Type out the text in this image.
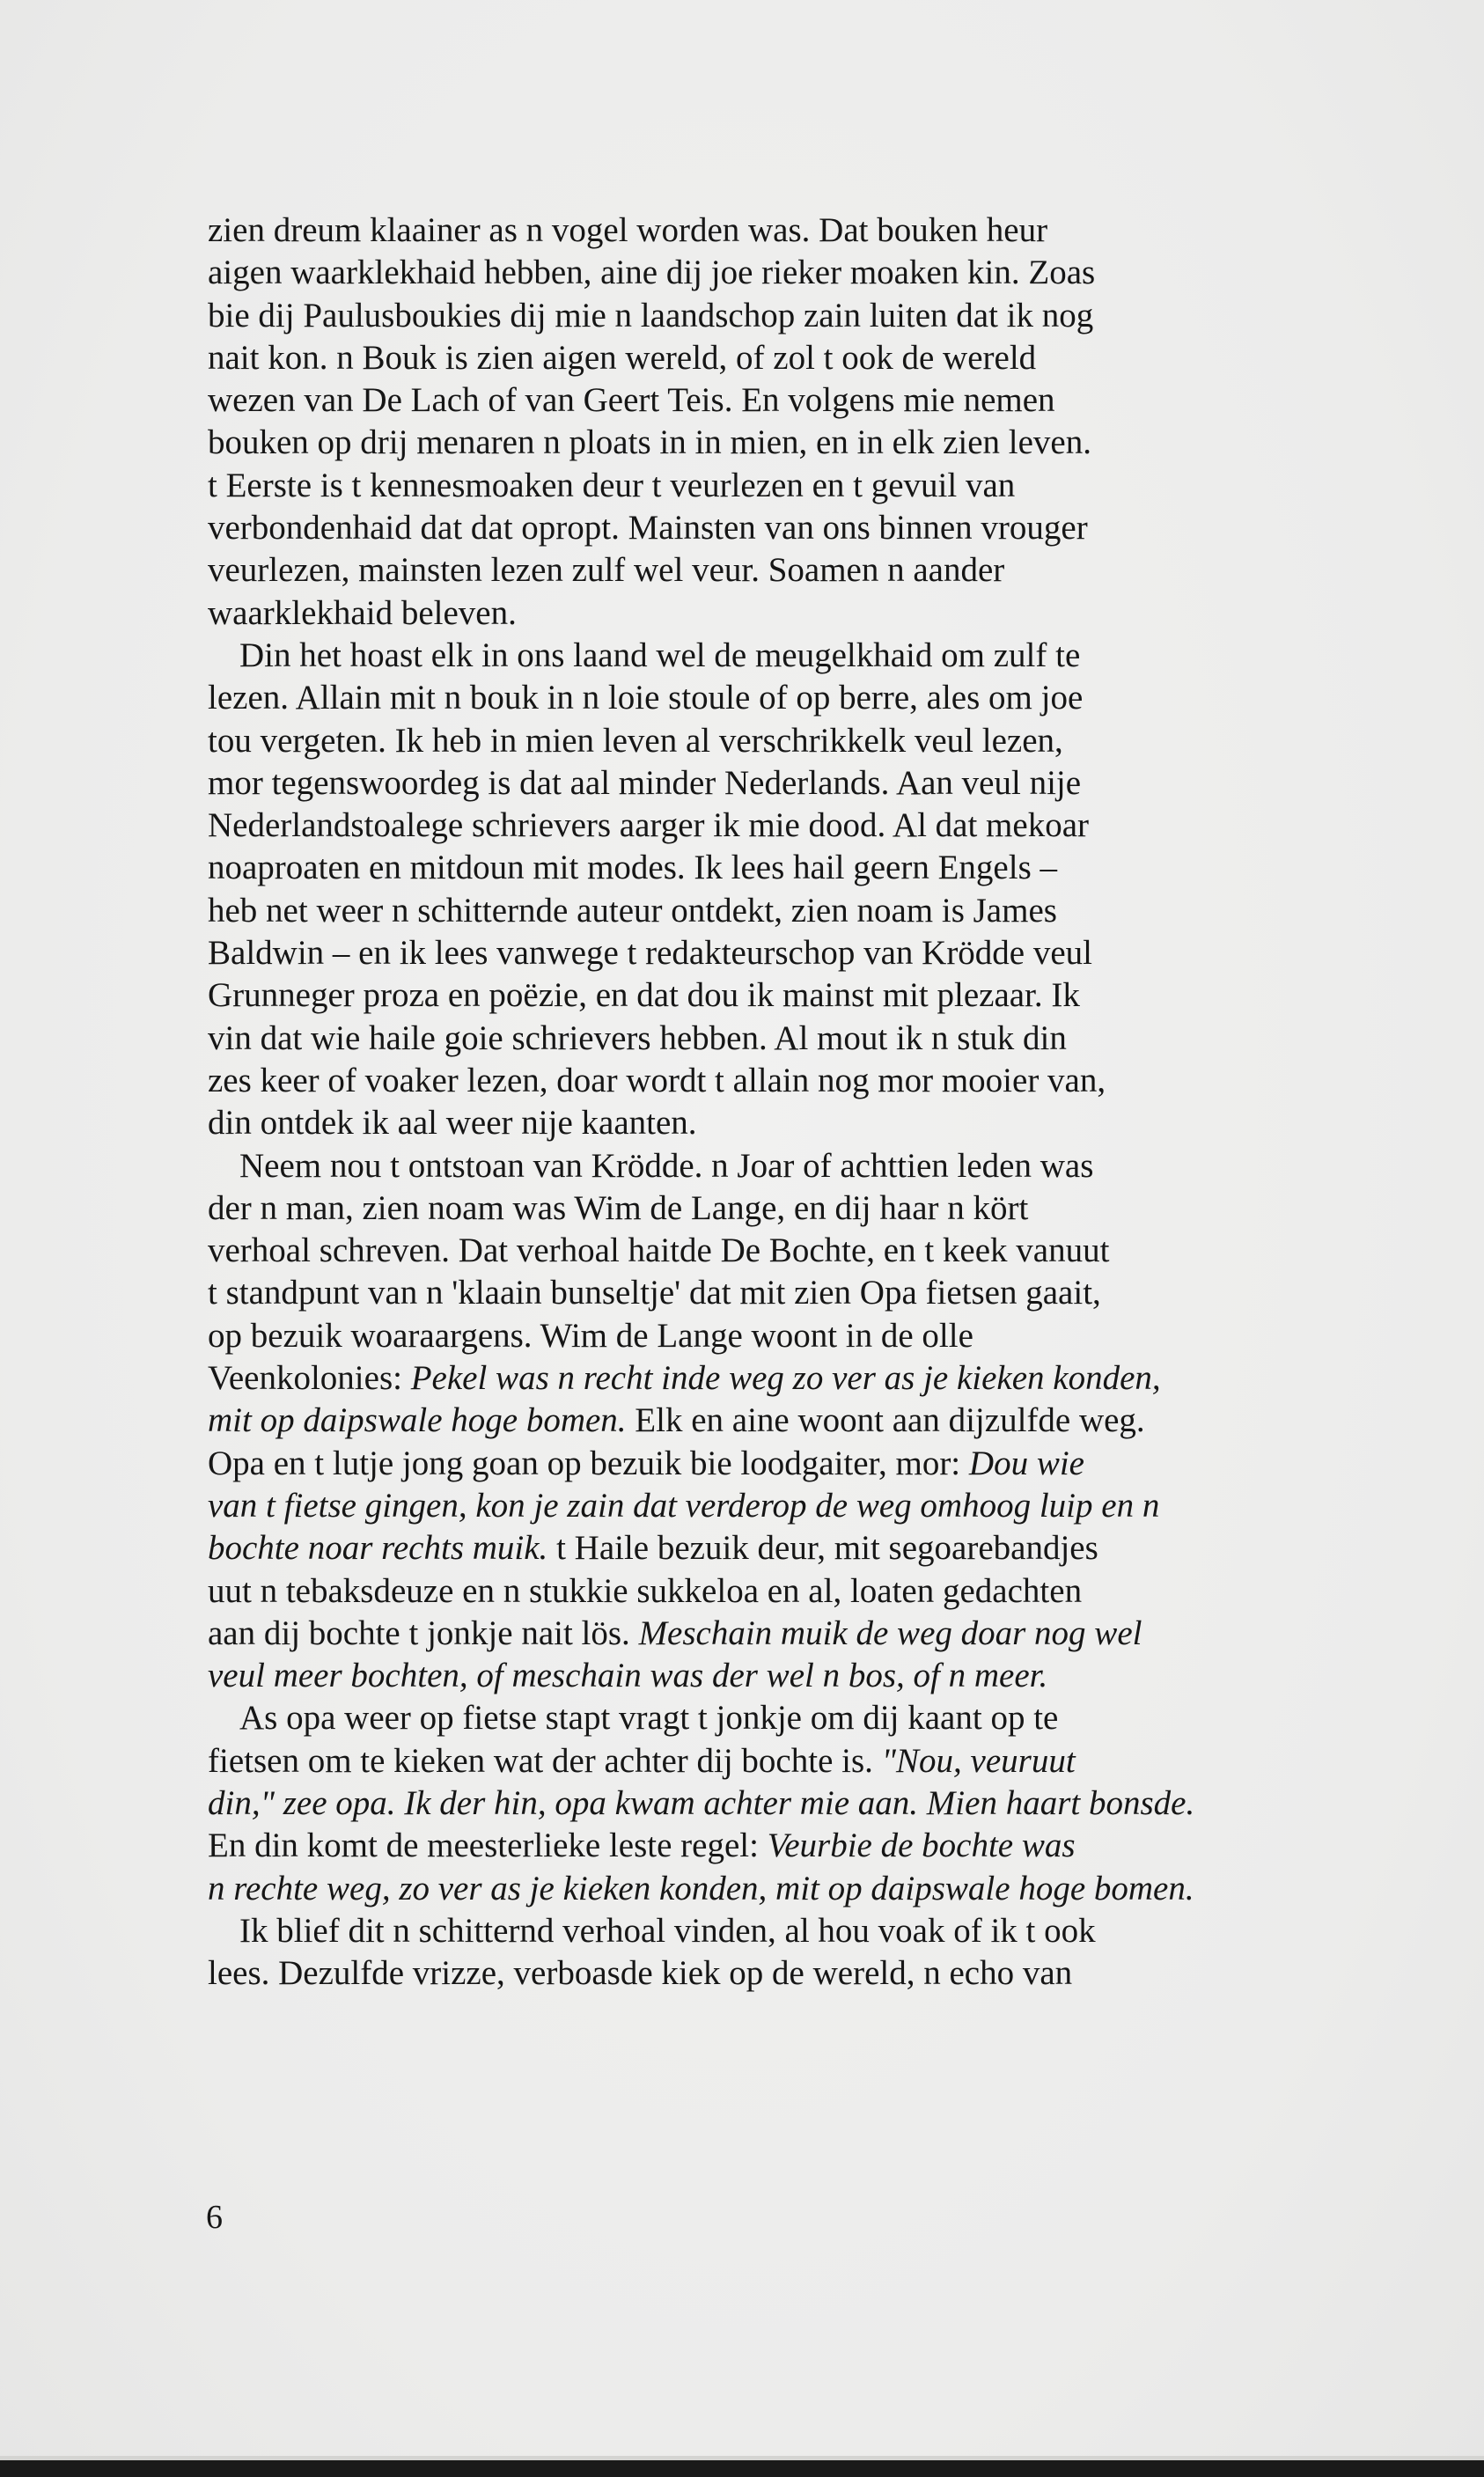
zien dreum klaainer as n vogel worden was. Dat bouken heur
aigen waarklekhaid hebben, aine dij joe rieker moaken kin. Zoas
bie dij Paulusboukies dij mie n laandschop zain luiten dat ik nog
nait kon. n Bouk is zien aigen wereld, of zol t ook de wereld
wezen van De Lach of van Geert Teis. En volgens mie nemen
bouken op drij menaren n ploats in in mien, en in elk zien leven.
t Eerste is t kennesmoaken deur t veurlezen en t gevuil van
verbondenhaid dat dat opropt. Mainsten van ons binnen vrouger
veurlezen, mainsten lezen zulf wel veur. Soamen n aander
waarklekhaid beleven.
Din het hoast elk in ons laand wel de meugelkhaid om zulf te
lezen. Allain mit n bouk in n loie stoule of op berre, ales om joe
tou vergeten. Ik heb in mien leven al verschrikkelk veul lezen,
mor tegenswoordeg is dat aal minder Nederlands. Aan veul nije
Nederlandstoalege schrievers aarger ik mie dood. Al dat mekoar
noaproaten en mitdoun mit modes. Ik lees hail geern Engels –
heb net weer n schitternde auteur ontdekt, zien noam is James
Baldwin – en ik lees vanwege t redakteurschop van Krödde veul
Grunneger proza en poëzie, en dat dou ik mainst mit plezaar. Ik
vin dat wie haile goie schrievers hebben. Al mout ik n stuk din
zes keer of voaker lezen, doar wordt t allain nog mor mooier van,
din ontdek ik aal weer nije kaanten.
Neem nou t ontstoan van Krödde. n Joar of achttien leden was
der n man, zien noam was Wim de Lange, en dij haar n kört
verhoal schreven. Dat verhoal haitde De Bochte, en t keek vanuut
t standpunt van n 'klaain bunseltje' dat mit zien Opa fietsen gaait,
op bezuik woaraargens. Wim de Lange woont in de olle
Veenkolonies: Pekel was n recht inde weg zo ver as je kieken konden,
mit op daipswale hoge bomen. Elk en aine woont aan dijzulfde weg.
Opa en t lutje jong goan op bezuik bie loodgaiter, mor: Dou wie
van t fietse gingen, kon je zain dat verderop de weg omhoog luip en n
bochte noar rechts muik. t Haile bezuik deur, mit segoarebandjes
uut n tebaksdeuze en n stukkie sukkeloa en al, loaten gedachten
aan dij bochte t jonkje nait lös. Meschain muik de weg doar nog wel
veul meer bochten, of meschain was der wel n bos, of n meer.
As opa weer op fietse stapt vragt t jonkje om dij kaant op te
fietsen om te kieken wat der achter dij bochte is. "Nou, veuruut
din," zee opa. Ik der hin, opa kwam achter mie aan. Mien haart bonsde.
En din komt de meesterlieke leste regel: Veurbie de bochte was
n rechte weg, zo ver as je kieken konden, mit op daipswale hoge bomen.
Ik blief dit n schitternd verhoal vinden, al hou voak of ik t ook
lees. Dezulfde vrizze, verboasde kiek op de wereld, n echo van
6
